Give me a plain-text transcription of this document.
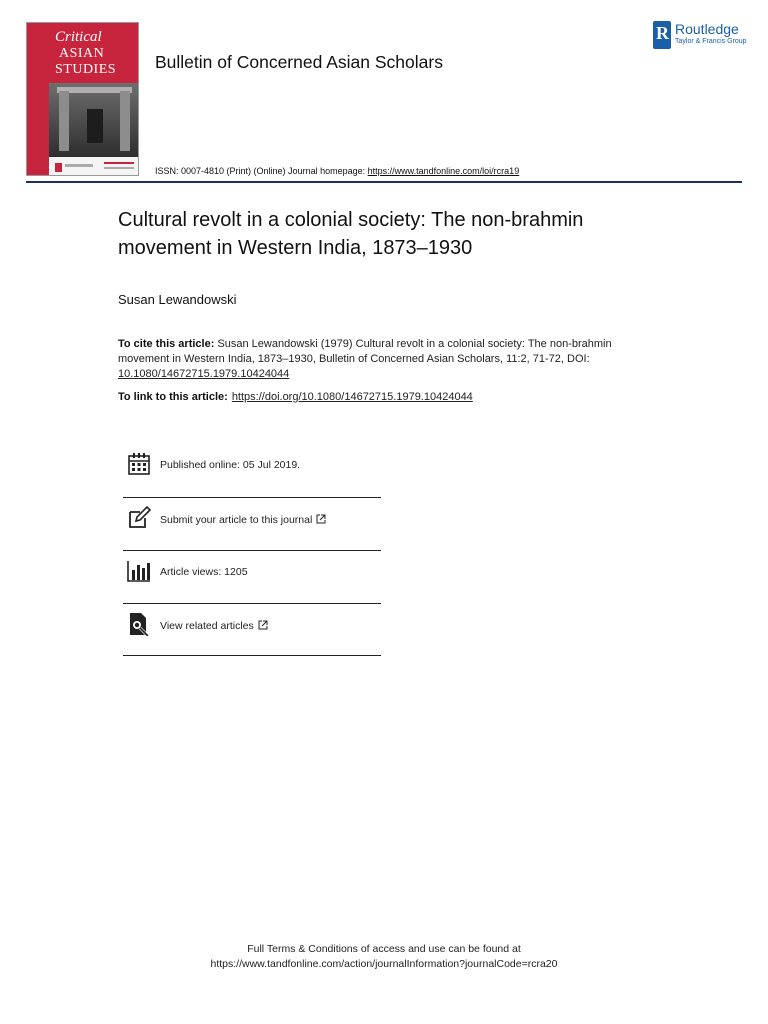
Critical
ASIAN
STUDIES Bulletin of Concerned Asian Scholars
R Routledge
Taylor & Francis Group
ISSN: 0007-4810 (Print) (Online) Journal homepage: https://www.tandfonline.com/loi/rcra19
Cultural revolt in a colonial society: The non-brahmin movement in Western India, 1873–1930
Susan Lewandowski
To cite this article: Susan Lewandowski (1979) Cultural revolt in a colonial society: The non-brahmin movement in Western India, 1873–1930, Bulletin of Concerned Asian Scholars, 11:2, 71-72, DOI: 10.1080/14672715.1979.10424044
To link to this article: https://doi.org/10.1080/14672715.1979.10424044
Published online: 05 Jul 2019.
Submit your article to this journal
Article views: 1205
View related articles
Full Terms & Conditions of access and use can be found at
https://www.tandfonline.com/action/journalInformation?journalCode=rcra20
